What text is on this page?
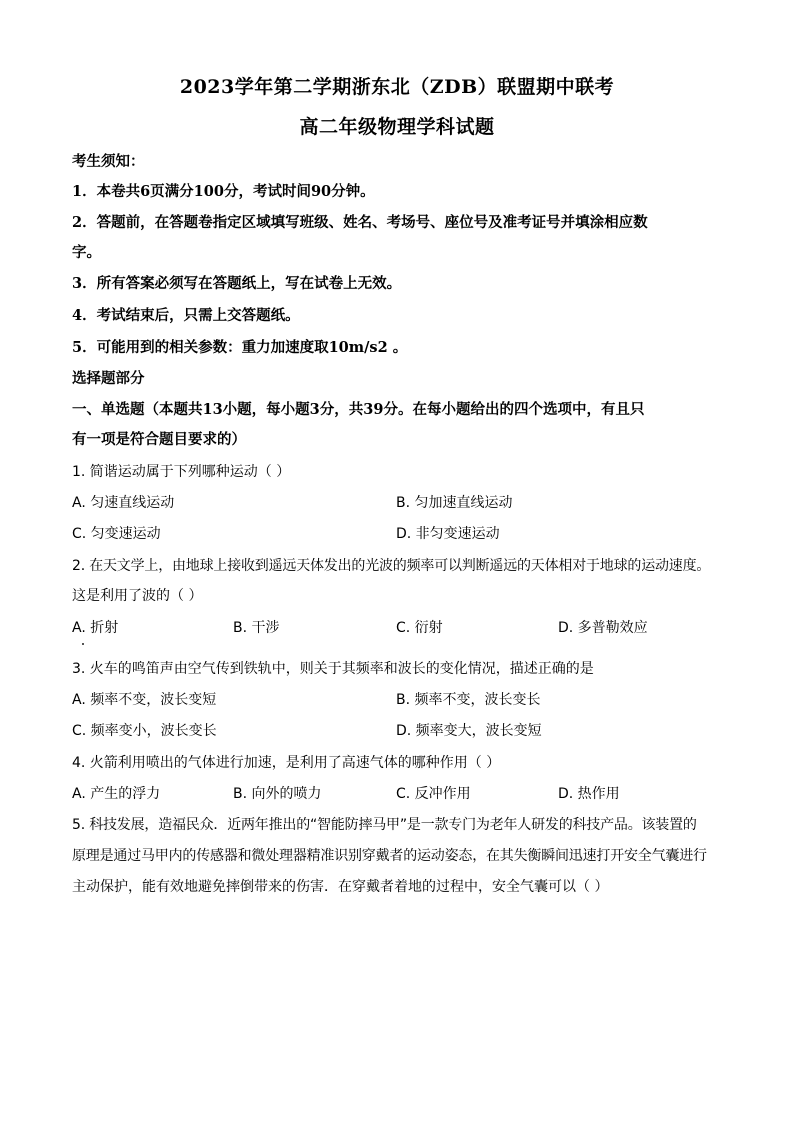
2023学年第二学期浙东北（ZDB）联盟期中联考
高二年级物理学科试题
考生须知：
1．本卷共6页满分100分，考试时间90分钟。
2．答题前，在答题卷指定区域填写班级、姓名、考场号、座位号及准考证号并填涂相应数
字。
3．所有答案必须写在答题纸上，写在试卷上无效。
4．考试结束后，只需上交答题纸。
5．可能用到的相关参数：重力加速度取10m/s2 。
选择题部分
一、单选题（本题共13小题，每小题3分，共39分。在每小题给出的四个选项中，有且只
有一项是符合题目要求的）
1. 简谐运动属于下列哪种运动（ ）
A. 匀速直线运动	B. 匀加速直线运动
C. 匀变速运动	D. 非匀变速运动
2. 在天文学上，由地球上接收到遥远天体发出的光波的频率可以判断遥远的天体相对于地球的运动速度。
这是利用了波的（ ）
A. 折射	B. 干涉	C. 衍射	D. 多普勒效应
3. 火车的鸣笛声由空气传到铁轨中，则关于其频率和波长的变化情况，描述正确的是
A. 频率不变，波长变短	B. 频率不变，波长变长
C. 频率变小，波长变长	D. 频率变大，波长变短
4. 火箭利用喷出的气体进行加速，是利用了高速气体的哪种作用（ ）
A. 产生的浮力	B. 向外的喷力	C. 反冲作用	D. 热作用
5. 科技发展，造福民众．近两年推出的“智能防摔马甲”是一款专门为老年人研发的科技产品。该装置的
原理是通过马甲内的传感器和微处理器精准识别穿戴者的运动姿态，在其失衡瞬间迅速打开安全气囊进行
主动保护，能有效地避免摔倒带来的伤害．在穿戴者着地的过程中，安全气囊可以（ ）
